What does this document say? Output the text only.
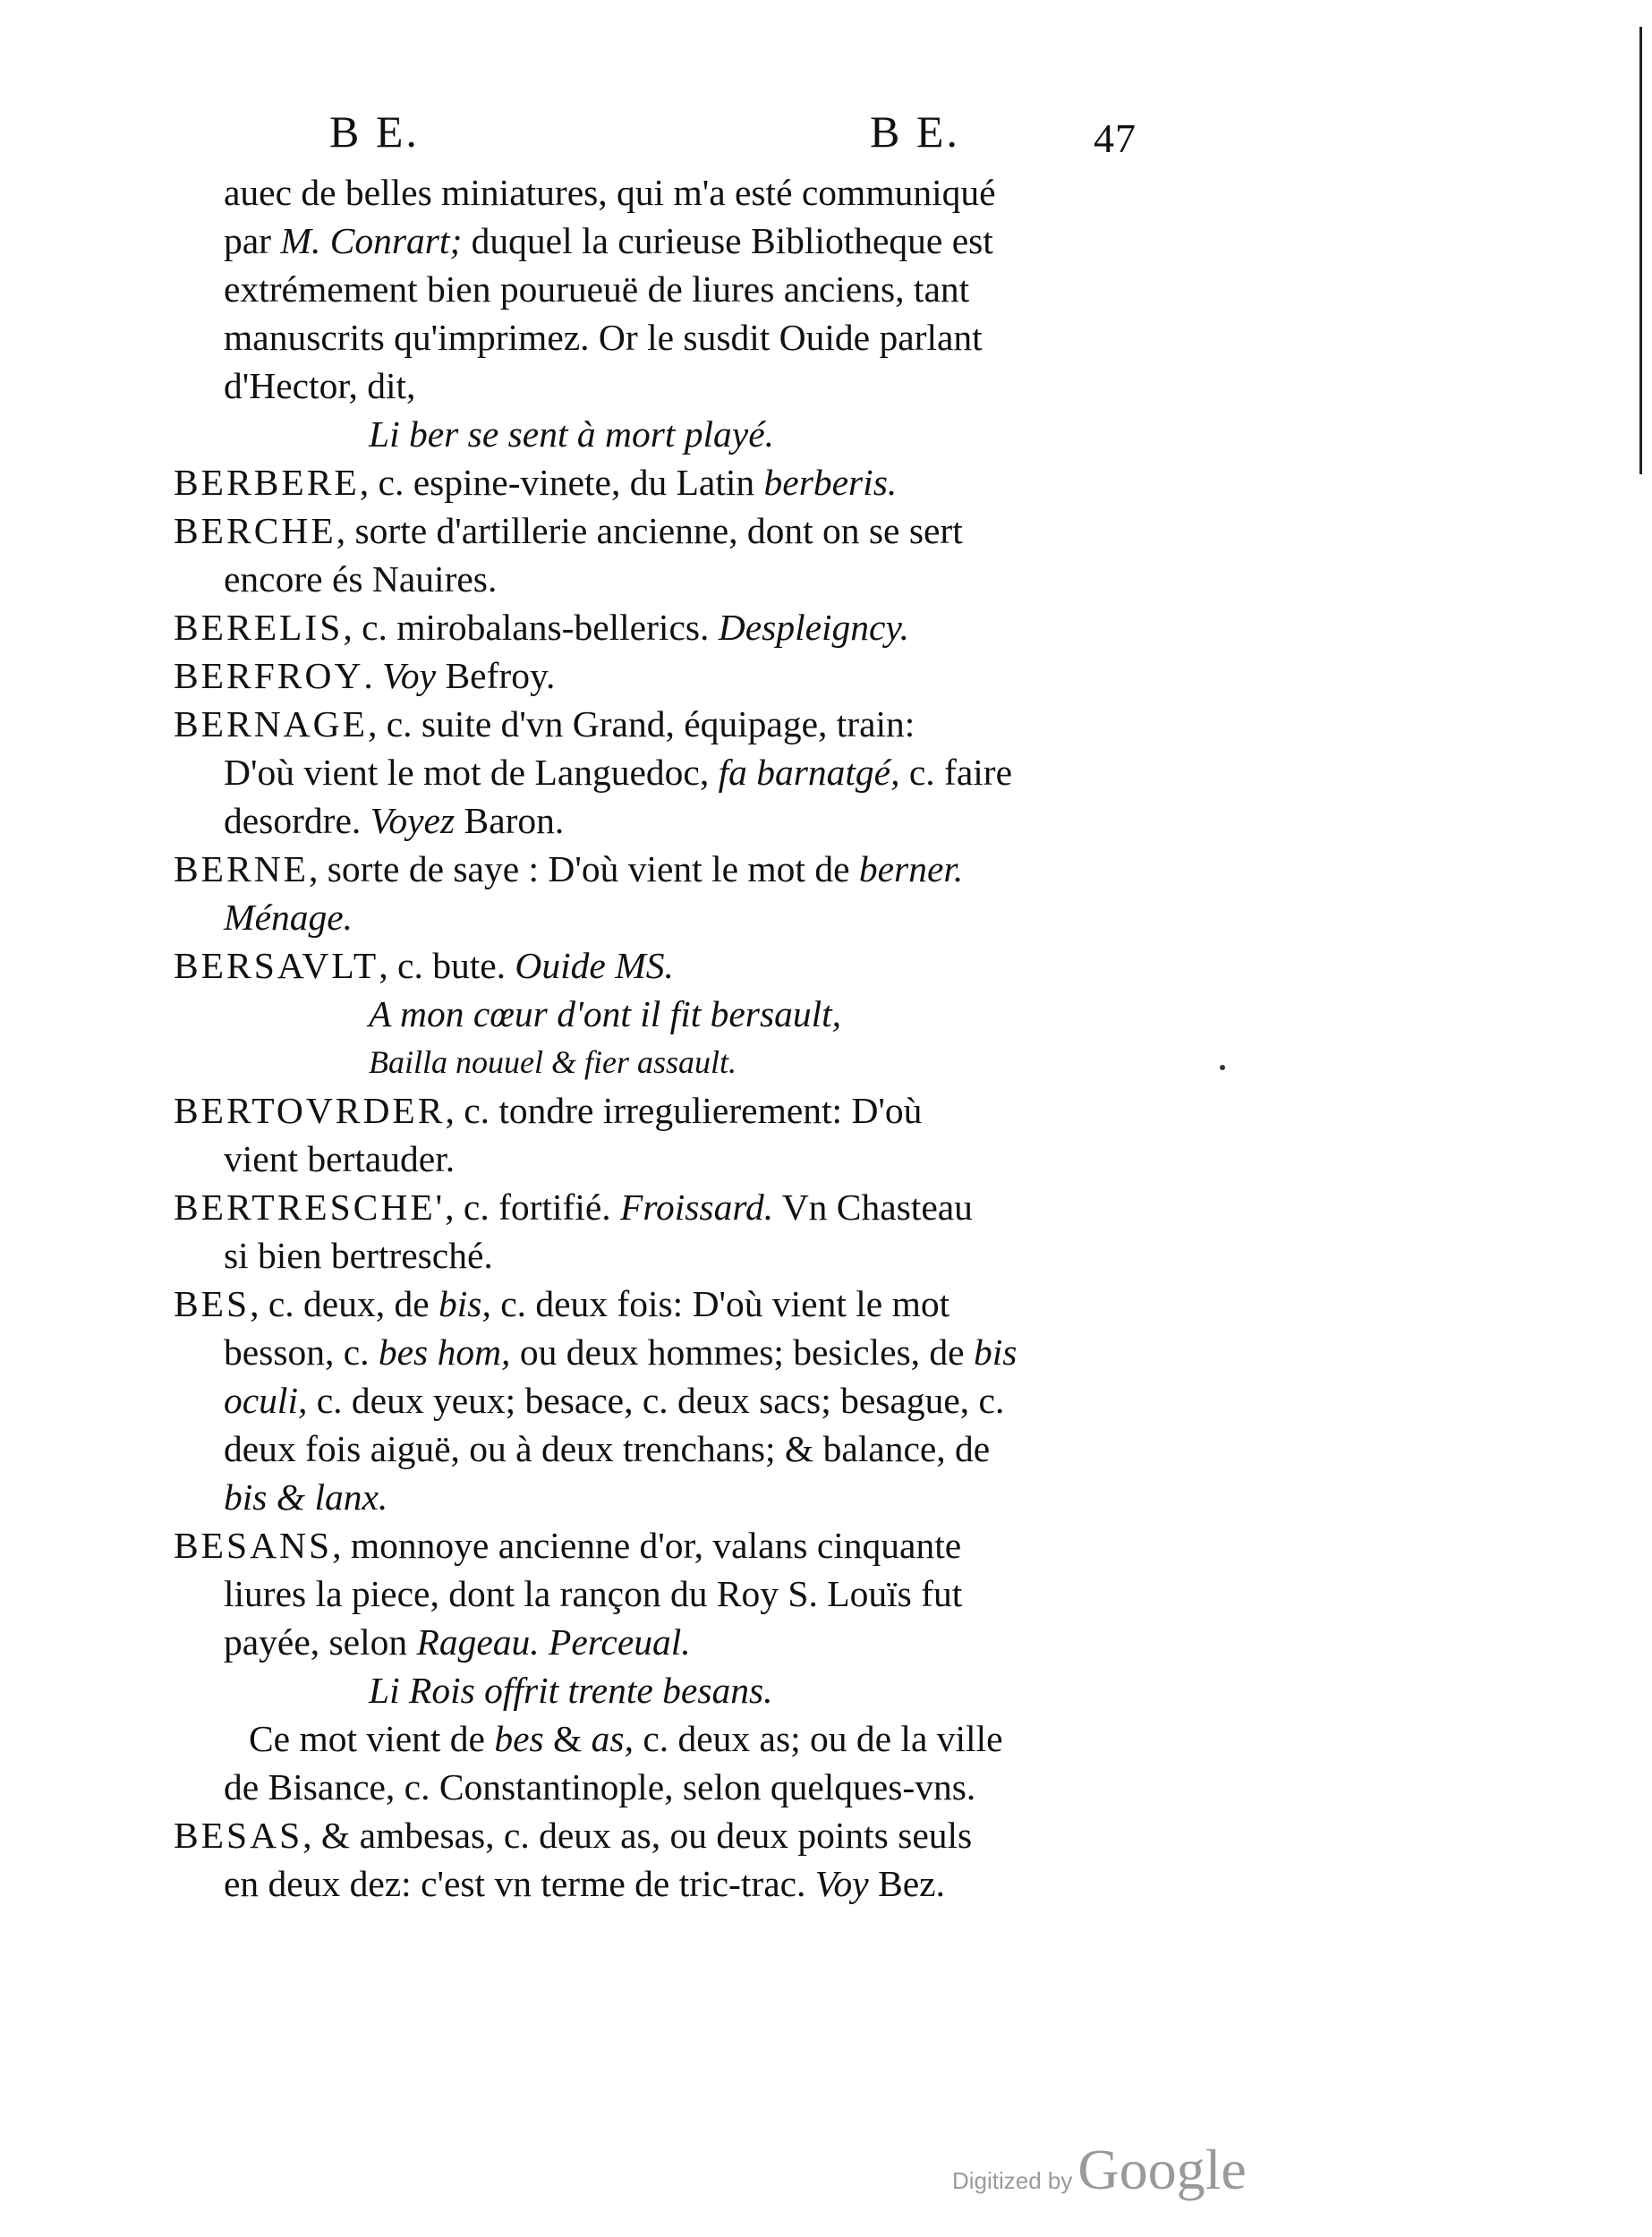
B E.	B E.	47
auec de belles miniatures, qui m'a esté communiqué
par M. Conrart; duquel la curieuse Bibliotheque est
extrémement bien pourueuë de liures anciens, tant
manuscrits qu'imprimez. Or le susdit Ouide parlant
d'Hector, dit,
Li ber se sent à mort playé.
BERBERE, c. espine-vinete, du Latin berberis.
BERCHE, sorte d'artillerie ancienne, dont on se sert
encore és Nauires.
BERELIS, c. mirobalans-bellerics. Despleigncy.
BERFROY. Voy Befroy.
BERNAGE, c. suite d'vn Grand, équipage, train:
D'où vient le mot de Languedoc, fa barnatgé, c. faire
desordre. Voyez Baron.
BERNE, sorte de saye : D'où vient le mot de berner.
Ménage.
BERSAVLT, c. bute. Ouide MS.
A mon cœur d'ont il fit bersault,
Bailla nouuel & fier assault.
BERTOVRDER, c. tondre irregulierement: D'où
vient bertauder.
BERTRESCHE', c. fortifié. Froissard. Vn Chasteau
si bien bertresché.
BES, c. deux, de bis, c. deux fois: D'où vient le mot
besson, c. bes hom, ou deux hommes; besicles, de bis
oculi, c. deux yeux; besace, c. deux sacs; besague, c.
deux fois aiguë, ou à deux trenchans; & balance, de
bis & lanx.
BESANS, monnoye ancienne d'or, valans cinquante
liures la piece, dont la rançon du Roy S. Louïs fut
payée, selon Rageau. Perceual.
Li Rois offrit trente besans.
Ce mot vient de bes & as, c. deux as; ou de la ville
de Bisance, c. Constantinople, selon quelques-vns.
BESAS, & ambesas, c. deux as, ou deux points seuls
en deux dez: c'est vn terme de tric-trac. Voy Bez.
Digitized byGoogle
